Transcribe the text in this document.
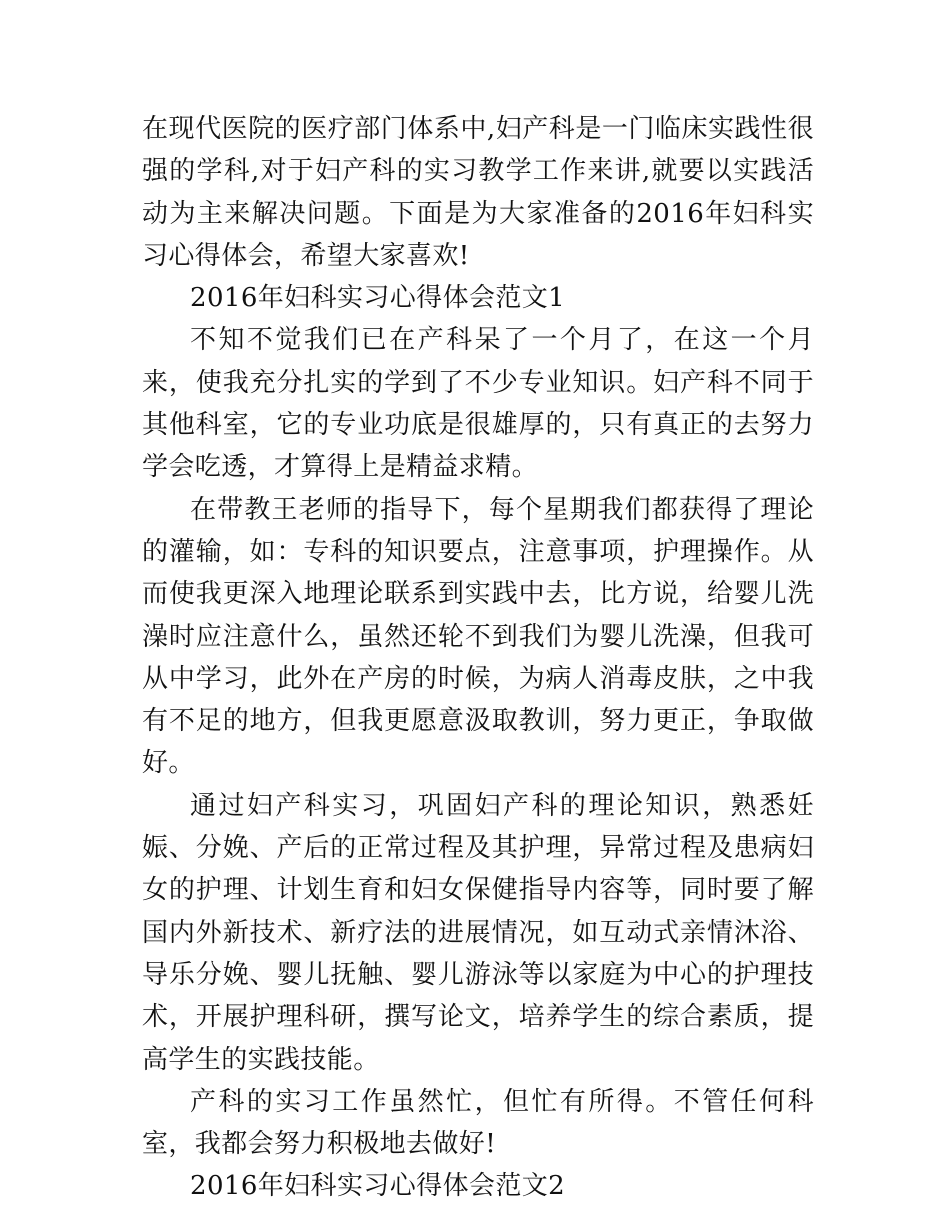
在现代医院的医疗部门体系中,妇产科是一门临床实践性很强的学科,对于妇产科的实习教学工作来讲,就要以实践活动为主来解决问题。下面是为大家准备的2016年妇科实习心得体会，希望大家喜欢!

2016年妇科实习心得体会范文1

不知不觉我们已在产科呆了一个月了，在这一个月来，使我充分扎实的学到了不少专业知识。妇产科不同于其他科室，它的专业功底是很雄厚的，只有真正的去努力学会吃透，才算得上是精益求精。

在带教王老师的指导下，每个星期我们都获得了理论的灌输，如：专科的知识要点，注意事项，护理操作。从而使我更深入地理论联系到实践中去，比方说，给婴儿洗澡时应注意什么，虽然还轮不到我们为婴儿洗澡，但我可从中学习，此外在产房的时候，为病人消毒皮肤，之中我有不足的地方，但我更愿意汲取教训，努力更正，争取做好。

通过妇产科实习，巩固妇产科的理论知识，熟悉妊娠、分娩、产后的正常过程及其护理，异常过程及患病妇女的护理、计划生育和妇女保健指导内容等，同时要了解国内外新技术、新疗法的进展情况，如互动式亲情沐浴、导乐分娩、婴儿抚触、婴儿游泳等以家庭为中心的护理技术，开展护理科研，撰写论文，培养学生的综合素质，提高学生的实践技能。

产科的实习工作虽然忙，但忙有所得。不管任何科室，我都会努力积极地去做好!

2016年妇科实习心得体会范文2
